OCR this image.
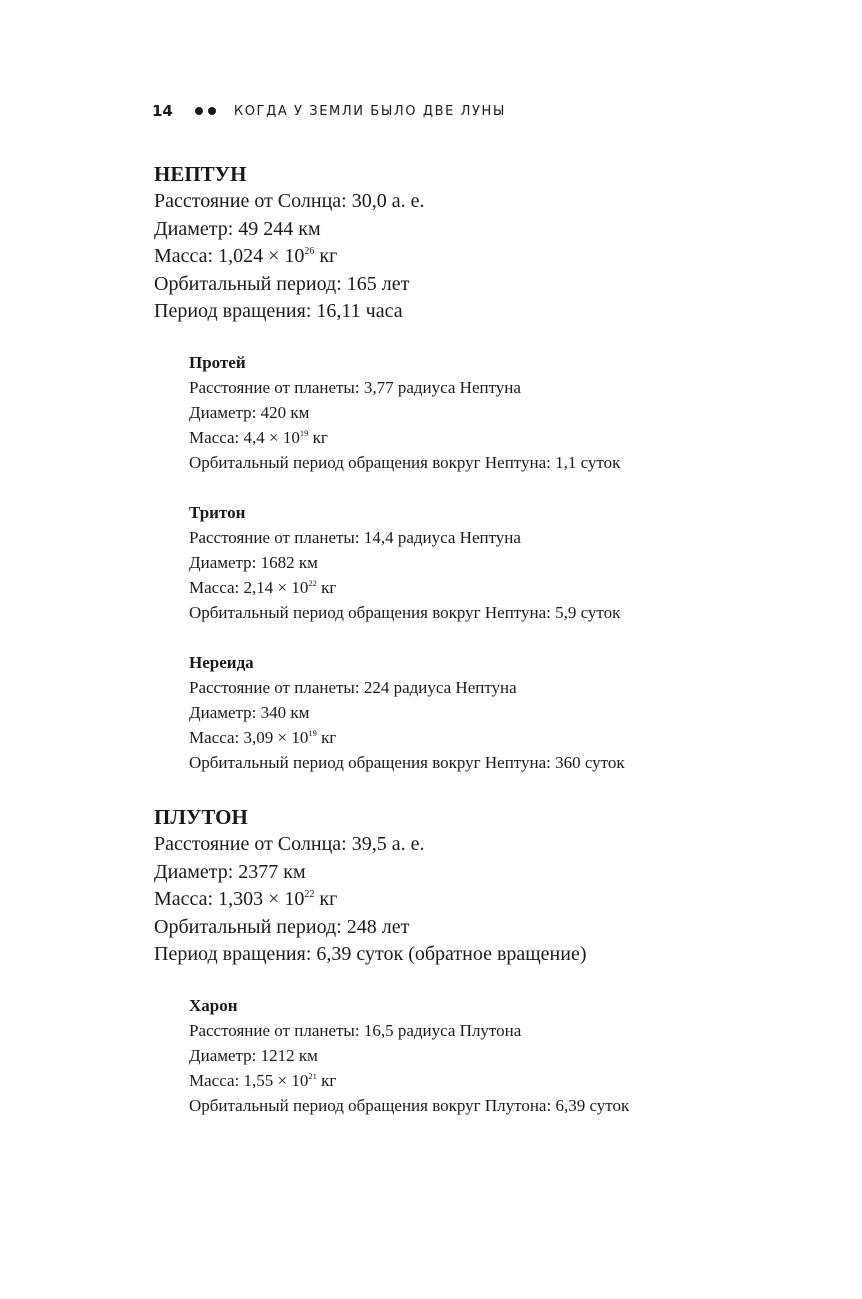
14	КОГДА У ЗЕМЛИ БЫЛО ДВЕ ЛУНЫ

НЕПТУН

Расстояние от Солнца: 30,0 а. е.

Диаметр: 49 244 км

Масса: $1,024 \times 10^{26}$ кг

Орбитальный период: 165 лет

Период вращения: 16,11 часа

Протей

Расстояние от планеты: 3,77 радиуса Нептуна

Диаметр: 420 км

Масса: $4,4 \times 10^{19}$ кг

Орбитальный период обращения вокруг Нептуна: 1,1 суток

Тритон

Расстояние от планеты: 14,4 радиуса Нептуна

Диаметр: 1682 км

Масса: $2,14 \times 10^{22}$ кг

Орбитальный период обращения вокруг Нептуна: 5,9 суток

Нереида

Расстояние от планеты: 224 радиуса Нептуна

Диаметр: 340 км

Масса: $3,09 \times 10^{19}$ кг

Орбитальный период обращения вокруг Нептуна: 360 суток

ПЛУТОН

Расстояние от Солнца: 39,5 а. е.

Диаметр: 2377 км

Масса: $1,303 \times 10^{22}$ кг

Орбитальный период: 248 лет

Период вращения: 6,39 суток (обратное вращение)

Харон

Расстояние от планеты: 16,5 радиуса Плутона

Диаметр: 1212 км

Масса: $1,55 \times 10^{21}$ кг

Орбитальный период обращения вокруг Плутона: 6,39 суток
